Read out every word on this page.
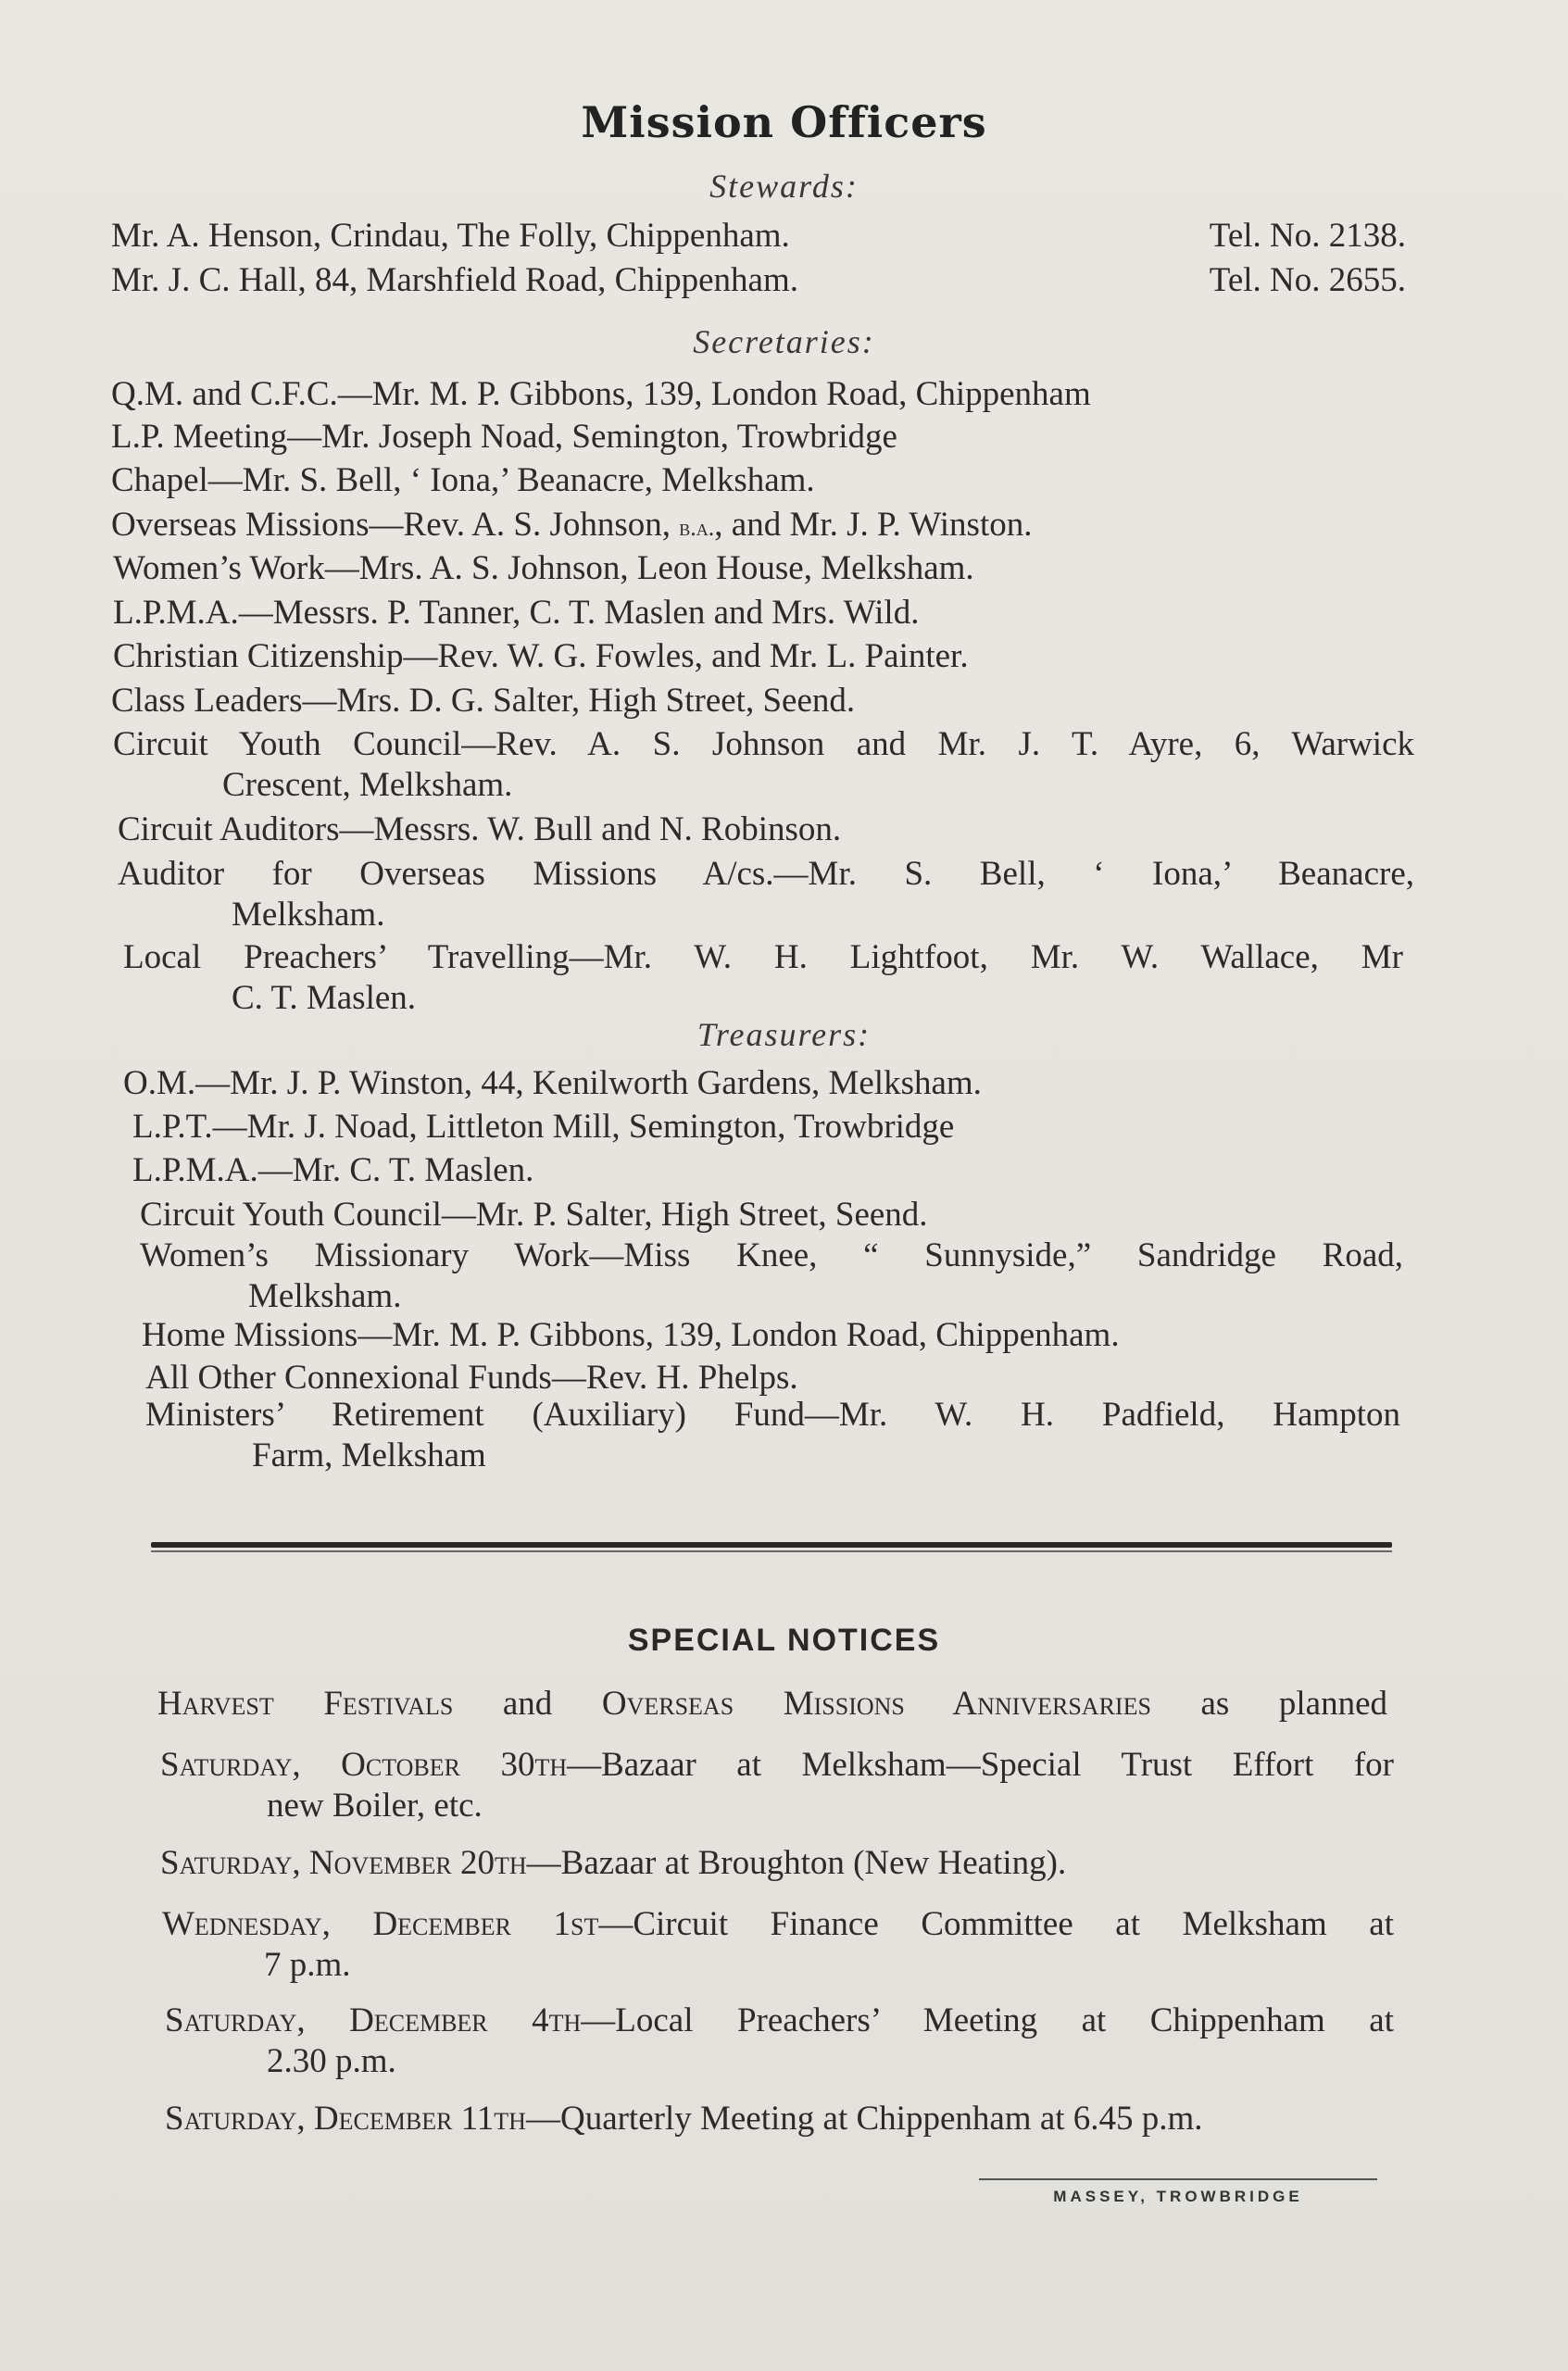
Mission Officers
Stewards:
Mr. A. Henson, Crindau, The Folly, Chippenham.	Tel. No. 2138.
Mr. J. C. Hall, 84, Marshfield Road, Chippenham.	Tel. No. 2655.
Secretaries:
Q.M. and C.F.C.—Mr. M. P. Gibbons, 139, London Road, Chippenham
L.P. Meeting—Mr. Joseph Noad, Semington, Trowbridge
Chapel—Mr. S. Bell, ‘ Iona,’ Beanacre, Melksham.
Overseas Missions—Rev. A. S. Johnson, b.a., and Mr. J. P. Winston.
Women’s Work—Mrs. A. S. Johnson, Leon House, Melksham.
L.P.M.A.—Messrs. P. Tanner, C. T. Maslen and Mrs. Wild.
Christian Citizenship—Rev. W. G. Fowles, and Mr. L. Painter.
Class Leaders—Mrs. D. G. Salter, High Street, Seend.
Circuit Youth Council—Rev. A. S. Johnson and Mr. J. T. Ayre, 6, Warwick
Crescent, Melksham.
Circuit Auditors—Messrs. W. Bull and N. Robinson.
Auditor for Overseas Missions A/cs.—Mr. S. Bell, ‘ Iona,’ Beanacre,
Melksham.
Local Preachers’ Travelling—Mr. W. H. Lightfoot, Mr. W. Wallace, Mr
C. T. Maslen.
Treasurers:
O.M.—Mr. J. P. Winston, 44, Kenilworth Gardens, Melksham.
L.P.T.—Mr. J. Noad, Littleton Mill, Semington, Trowbridge
L.P.M.A.—Mr. C. T. Maslen.
Circuit Youth Council—Mr. P. Salter, High Street, Seend.
Women’s Missionary Work—Miss Knee, “ Sunnyside,” Sandridge Road,
Melksham.
Home Missions—Mr. M. P. Gibbons, 139, London Road, Chippenham.
All Other Connexional Funds—Rev. H. Phelps.
Ministers’ Retirement (Auxiliary) Fund—Mr. W. H. Padfield, Hampton
Farm, Melksham
SPECIAL NOTICES
Harvest Festivals and Overseas Missions Anniversaries as planned
Saturday, October 30th—Bazaar at Melksham—Special Trust Effort for
new Boiler, etc.
Saturday, November 20th—Bazaar at Broughton (New Heating).
Wednesday, December 1st—Circuit Finance Committee at Melksham at
7 p.m.
Saturday, December 4th—Local Preachers’ Meeting at Chippenham at
2.30 p.m.
Saturday, December 11th—Quarterly Meeting at Chippenham at 6.45 p.m.
MASSEY, TROWBRIDGE
